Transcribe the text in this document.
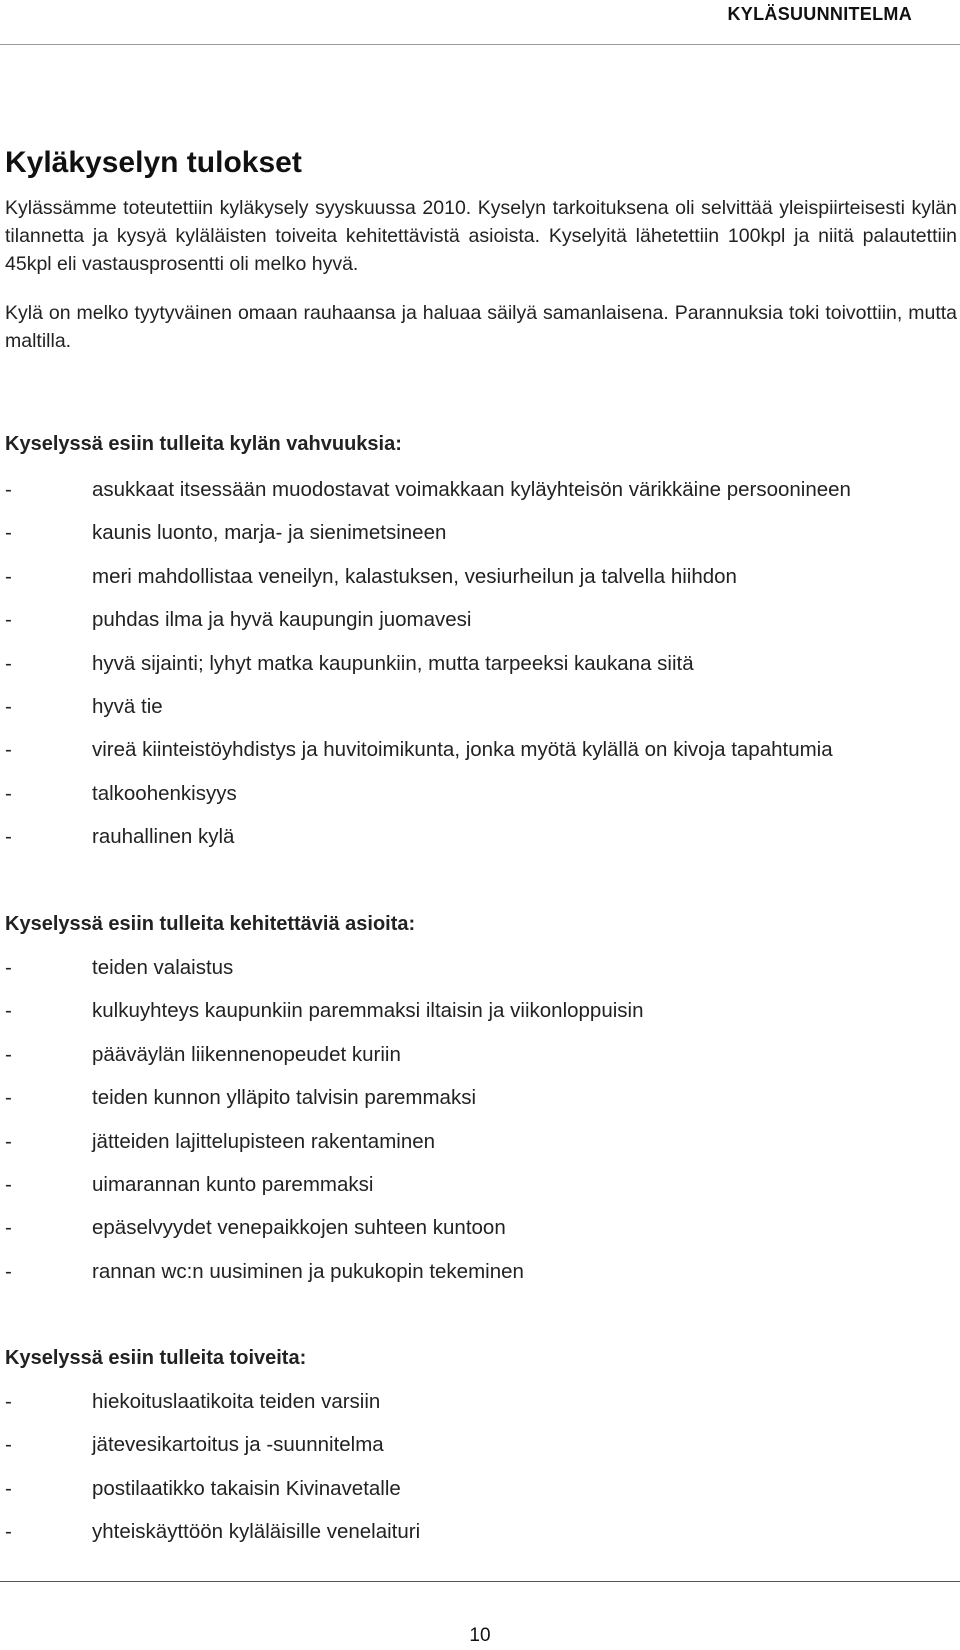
KYLÄSUUNNITELMA
Kyläkyselyn tulokset
Kylässämme toteutettiin kyläkysely syyskuussa 2010. Kyselyn tarkoituksena oli selvittää yleispiirteisesti kylän tilannetta ja kysyä kyläläisten toiveita kehitettävistä asioista. Kyselyitä lähetettiin 100kpl ja niitä palautettiin 45kpl eli vastausprosentti oli melko hyvä.
Kylä on melko tyytyväinen omaan rauhaansa ja haluaa säilyä samanlaisena. Parannuksia toki toivottiin, mutta maltilla.
Kyselyssä esiin tulleita kylän vahvuuksia:
-	asukkaat itsessään muodostavat voimakkaan kyläyhteisön värikkäine persoonineen
-	kaunis luonto, marja- ja sienimetsineen
-	meri mahdollistaa veneilyn, kalastuksen, vesiurheilun ja talvella hiihdon
-	puhdas ilma ja hyvä kaupungin juomavesi
-	hyvä sijainti; lyhyt matka kaupunkiin, mutta tarpeeksi kaukana siitä
-	hyvä tie
-	vireä kiinteistöyhdistys ja huvitoimikunta, jonka myötä kylällä on kivoja tapahtumia
-	talkoohenkisyys
-	rauhallinen kylä
Kyselyssä esiin tulleita kehitettäviä asioita:
-	teiden valaistus
-	kulkuyhteys kaupunkiin paremmaksi iltaisin ja viikonloppuisin
-	pääväylän liikennenopeudet kuriin
-	teiden kunnon ylläpito talvisin paremmaksi
-	jätteiden lajittelupisteen rakentaminen
-	uimarannan kunto paremmaksi
-	epäselvyydet venepaikkojen suhteen kuntoon
-	rannan wc:n uusiminen ja pukukopin tekeminen
Kyselyssä esiin tulleita toiveita:
-	hiekoituslaatikoita teiden varsiin
-	jätevesikartoitus ja -suunnitelma
-	postilaatikko takaisin Kivinavetalle
-	yhteiskäyttöön kyläläisille venelaituri
10
